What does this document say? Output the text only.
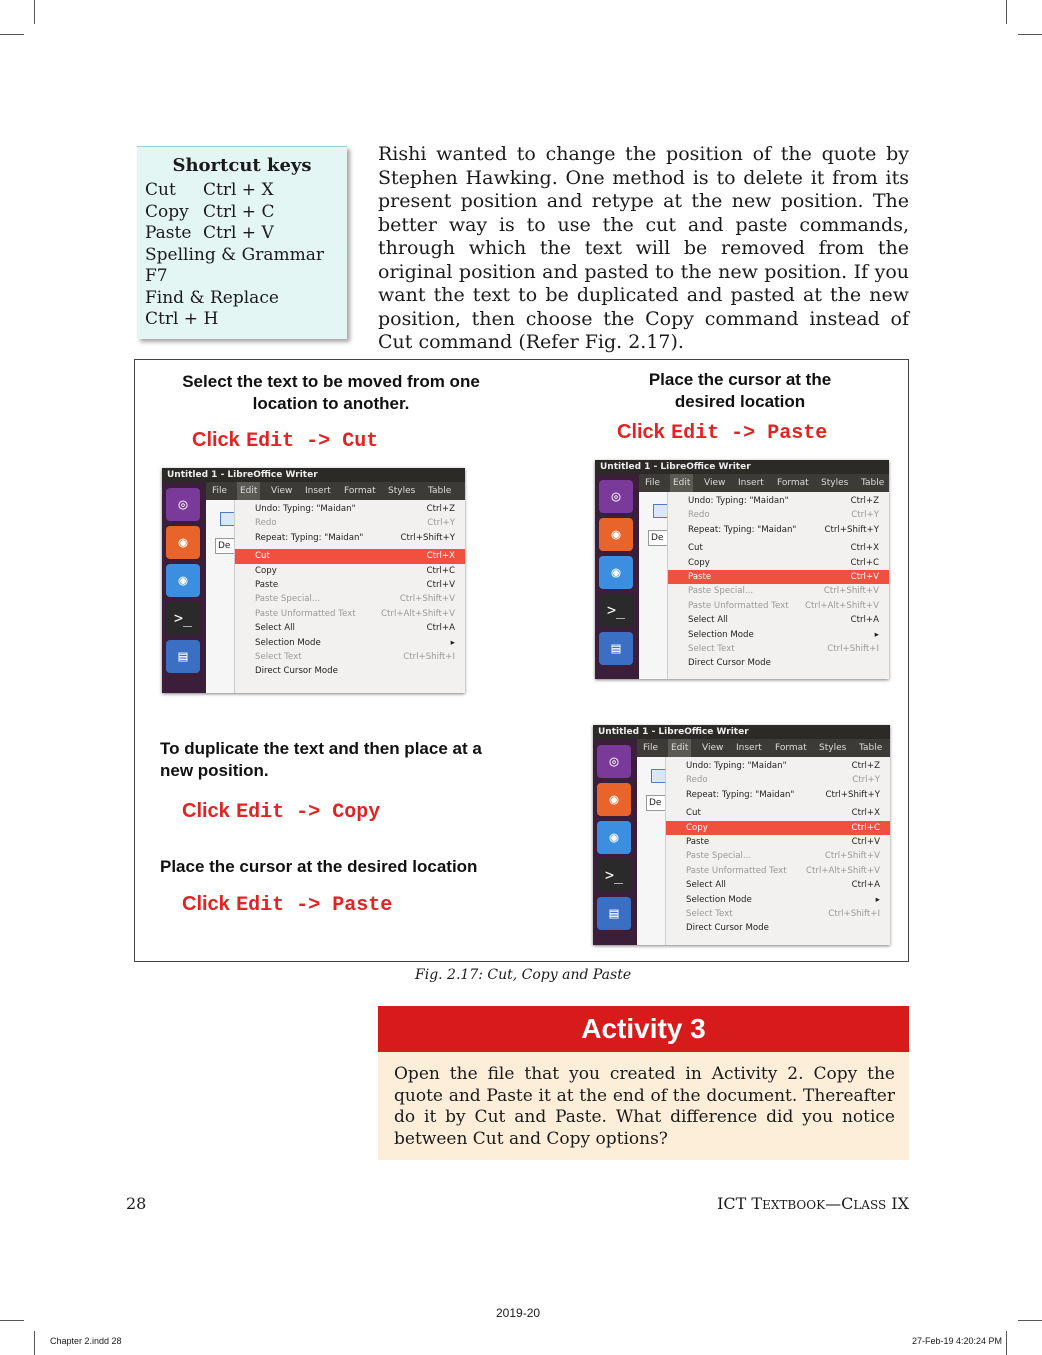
Shortcut keys
Cut Ctrl + X
Copy Ctrl + C
Paste Ctrl + V
Spelling & Grammar
F7
Find & Replace
Ctrl + H
Rishi wanted to change the position of the quote by Stephen Hawking. One method is to delete it from its present position and retype at the new position. The better way is to use the cut and paste commands, through which the text will be removed from the original position and pasted to the new position. If you want the text to be duplicated and pasted at the new position, then choose the Copy command instead of Cut command (Refer Fig. 2.17).
Select the text to be moved from one
location to another.
Click Edit -> Cut
Place the cursor at the
desired location
Click Edit -> Paste
To duplicate the text and then place at a
new position.
Click Edit -> Copy
Place the cursor at the desired location
Click Edit -> Paste
Untitled 1 - LibreOffice Writer
◎
◉
◉
>_
▤
File	Edit	View Insert Format Styles Table
De
Undo: Typing: "Maidan"	Ctrl+Z
Redo	Ctrl+Y
Repeat: Typing: "Maidan"	Ctrl+Shift+Y
Cut	Ctrl+X
Copy	Ctrl+C
Paste	Ctrl+V
Paste Special...	Ctrl+Shift+V
Paste Unformatted Text	Ctrl+Alt+Shift+V
Select All	Ctrl+A
Selection Mode	▸
Select Text	Ctrl+Shift+I
Direct Cursor Mode
Untitled 1 - LibreOffice Writer
◎
◉
◉
>_
▤
File	Edit	View Insert Format Styles Table
De
Undo: Typing: "Maidan"	Ctrl+Z
Redo	Ctrl+Y
Repeat: Typing: "Maidan"	Ctrl+Shift+Y
Cut	Ctrl+X
Copy	Ctrl+C
Paste	Ctrl+V
Paste Special...	Ctrl+Shift+V
Paste Unformatted Text Ctrl+Alt+Shift+V
Select All	Ctrl+A
Selection Mode	▸
Select Text	Ctrl+Shift+I
Direct Cursor Mode
Untitled 1 - LibreOffice Writer
◎
◉
◉
>_
▤
File	Edit	View Insert Format Styles Table
De
Undo: Typing: "Maidan"	Ctrl+Z
Redo	Ctrl+Y
Repeat: Typing: "Maidan"	Ctrl+Shift+Y
Cut	Ctrl+X
Copy	Ctrl+C
Paste	Ctrl+V
Paste Special...	Ctrl+Shift+V
Paste Unformatted Text Ctrl+Alt+Shift+V
Select All	Ctrl+A
Selection Mode	▸
Select Text	Ctrl+Shift+I
Direct Cursor Mode
Fig. 2.17: Cut, Copy and Paste
Activity 3
Open the file that you created in Activity 2. Copy the quote and Paste it at the end of the document. Thereafter do it by Cut and Paste. What difference did you notice between Cut and Copy options?
28	ICT TEXTBOOK—CLASS IX
2019-20
Chapter 2.indd 28	27-Feb-19 4:20:24 PM
